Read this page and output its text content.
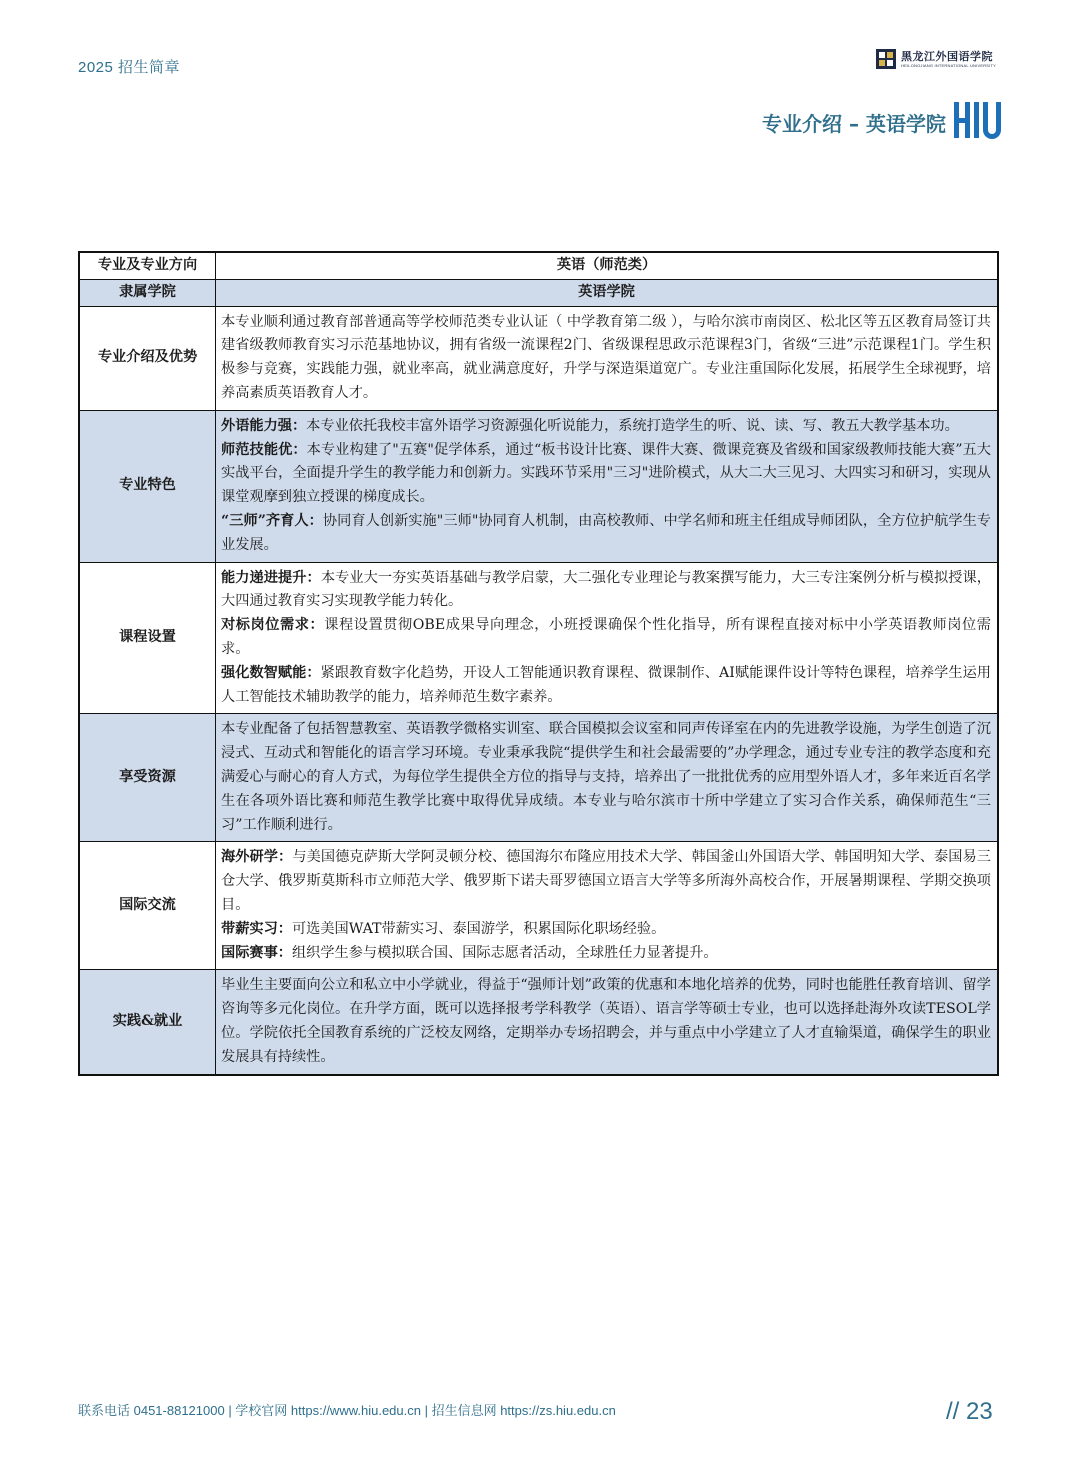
2025 招生简章
黑龙江外国语学院
HEILONGJIANG INTERNATIONAL UNIVERSITY
专业介绍 – 英语学院
专业及专业方向	英语（师范类）
隶属学院	英语学院
专业介绍及优势	本专业顺利通过教育部普通高等学校师范类专业认证（ 中学教育第二级 ），与哈尔滨市南岗区、松北区等五区教育局签订共建省级教师教育实习示范基地协议，拥有省级一流课程2门、省级课程思政示范课程3门，省级“三进”示范课程1门。学生积极参与竞赛，实践能力强，就业率高，就业满意度好，升学与深造渠道宽广。专业注重国际化发展，拓展学生全球视野，培养高素质英语教育人才。
专业特色	外语能力强：本专业依托我校丰富外语学习资源强化听说能力，系统打造学生的听、说、读、写、教五大教学基本功。
师范技能优：本专业构建了"五赛"促学体系，通过“板书设计比赛、课件大赛、微课竞赛及省级和国家级教师技能大赛”五大实战平台，全面提升学生的教学能力和创新力。实践环节采用"三习"进阶模式，从大二大三见习、大四实习和研习，实现从课堂观摩到独立授课的梯度成长。
“三师”齐育人：协同育人创新实施"三师"协同育人机制，由高校教师、中学名师和班主任组成导师团队，全方位护航学生专业发展。

课程设置	能力递进提升：本专业大一夯实英语基础与教学启蒙，大二强化专业理论与教案撰写能力，大三专注案例分析与模拟授课，大四通过教育实习实现教学能力转化。
对标岗位需求：课程设置贯彻OBE成果导向理念，小班授课确保个性化指导，所有课程直接对标中小学英语教师岗位需求。
强化数智赋能：紧跟教育数字化趋势，开设人工智能通识教育课程、微课制作、AI赋能课件设计等特色课程，培养学生运用人工智能技术辅助教学的能力，培养师范生数字素养。

享受资源	本专业配备了包括智慧教室、英语教学微格实训室、联合国模拟会议室和同声传译室在内的先进教学设施，为学生创造了沉浸式、互动式和智能化的语言学习环境。专业秉承我院“提供学生和社会最需要的”办学理念，通过专业专注的教学态度和充满爱心与耐心的育人方式，为每位学生提供全方位的指导与支持，培养出了一批批优秀的应用型外语人才，多年来近百名学生在各项外语比赛和师范生教学比赛中取得优异成绩。本专业与哈尔滨市十所中学建立了实习合作关系，确保师范生“三习”工作顺利进行。
国际交流	海外研学：与美国德克萨斯大学阿灵顿分校、德国海尔布隆应用技术大学、韩国釜山外国语大学、韩国明知大学、泰国易三仓大学、俄罗斯莫斯科市立师范大学、俄罗斯下诺夫哥罗德国立语言大学等多所海外高校合作，开展暑期课程、学期交换项目。
带薪实习：可选美国WAT带薪实习、泰国游学，积累国际化职场经验。
国际赛事：组织学生参与模拟联合国、国际志愿者活动，全球胜任力显著提升。

实践&就业	毕业生主要面向公立和私立中小学就业，得益于“强师计划”政策的优惠和本地化培养的优势，同时也能胜任教育培训、留学咨询等多元化岗位。在升学方面，既可以选择报考学科教学（英语）、语言学等硕士专业，也可以选择赴海外攻读TESOL学位。学院依托全国教育系统的广泛校友网络，定期举办专场招聘会，并与重点中小学建立了人才直输渠道，确保学生的职业发展具有持续性。
联系电话 0451-88121000 | 学校官网 https://www.hiu.edu.cn | 招生信息网 https://zs.hiu.edu.cn	// 23
